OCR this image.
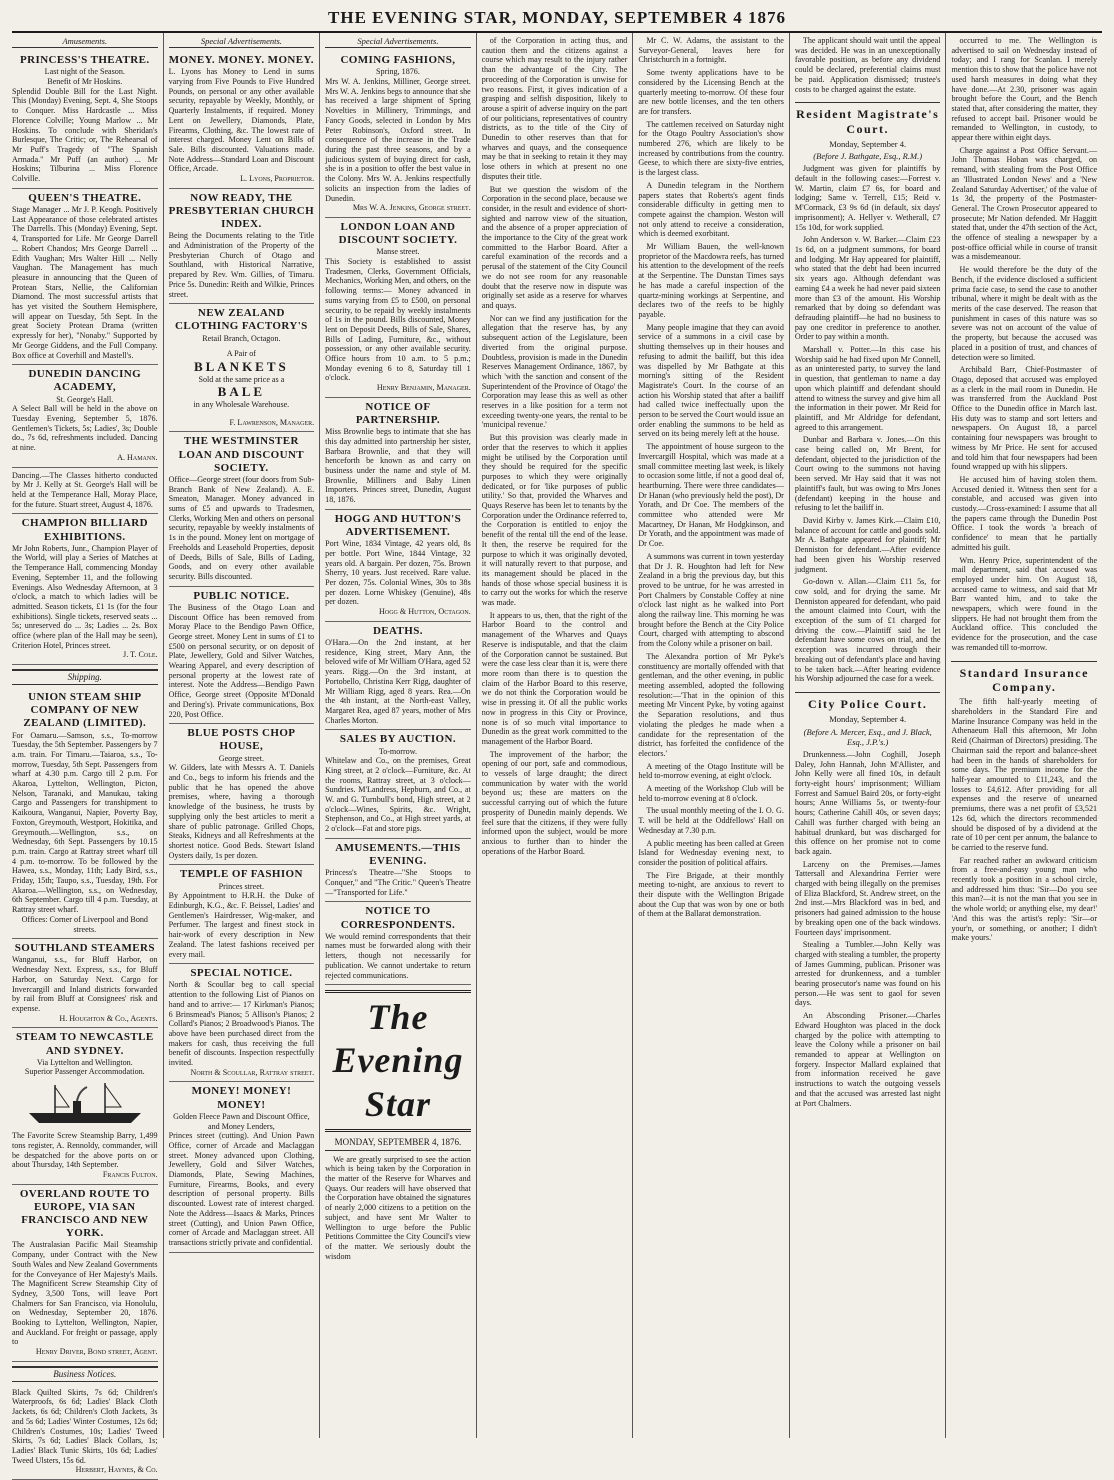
THE EVENING STAR
, MONDAY, SEPTEMBER 4 1876
Amusements.
PRINCESS'S THEATRE.
Last night of the Season.
Benefit of Mr Hoskins.
Splendid Double Bill for the Last Night. This (Monday) Evening, Sept. 4, She Stoops to Conquer. Miss Hardcastle ... Miss Florence Colville; Young Marlow ... Mr Hoskins. To conclude with Sheridan's Burlesque, The Critic; or, The Rehearsal of Mr Puff's Tragedy of "The Spanish Armada." Mr Puff (an author) ... Mr Hoskins; Tilburina ... Miss Florence Colville.
QUEEN'S THEATRE.
Stage Manager ... Mr J. P. Keogh. Positively Last Appearance of those celebrated artistes The Darrells. This (Monday) Evening, Sept. 4, Transported for Life. Mr George Darrell ... Robert Chandos; Mrs George Darrell ... Edith Vaughan; Mrs Walter Hill ... Nelly Vaughan. The Management has much pleasure in announcing that the Queen of Protean Stars, Nellie, the Californian Diamond. The most successful artists that has yet visited the Southern Hemisphere, will appear on Tuesday, 5th Sept. In the great Society Protean Drama (written expressly for her), "Nonaby." Supported by Mr George Giddens, and the Full Company. Box office at Coverhill and Mastell's.
DUNEDIN DANCING ACADEMY,
St. George's Hall.
A Select Ball will be held in the above on Tuesday Evening, September 5, 1876. Gentlemen's Tickets, 5s; Ladies', 3s; Double do., 7s 6d, refreshments included. Dancing at nine.
A. Hamann.
Dancing.—The Classes hitherto conducted by Mr J. Kelly at St. George's Hall will be held at the Temperance Hall, Moray Place, for the future. Stuart street, August 4, 1876.
CHAMPION BILLIARD EXHIBITIONS.
Mr John Roberts, Junr., Champion Player of the World, will play a Series of Matches at the Temperance Hall, commencing Monday Evening, September 11, and the following Evenings. Also Wednesday Afternoon, at 3 o'clock, a match to which ladies will be admitted. Season tickets, £1 1s (for the four exhibitions). Single tickets, reserved seats ... 5s; unreserved do ... 3s; Ladies ... 2s. Box office (where plan of the Hall may be seen), Criterion Hotel, Princes street.
J. T. Cole.
Shipping.
UNION STEAM SHIP COMPANY OF NEW ZEALAND (LIMITED).
For Oamaru.—Samson, s.s., To-morrow Tuesday, the 5th September. Passengers by 7 a.m. train. For Timaru.—Taiaroa, s.s., To-morrow, Tuesday, 5th Sept. Passengers from wharf at 4.30 p.m. Cargo till 2 p.m. For Akaroa, Lyttelton, Wellington, Picton, Nelson, Taranaki, and Manukau, taking Cargo and Passengers for transhipment to Kaikoura, Wanganui, Napier, Poverty Bay, Foxton, Greymouth, Westport, Hokitika, and Greymouth.—Wellington, s.s., on Wednesday, 6th Sept. Passengers by 10.15 p.m. train. Cargo at Rattray street wharf till 4 p.m. to-morrow. To be followed by the Hawea, s.s., Monday, 11th; Lady Bird, s.s., Friday, 15th; Taupo, s.s., Tuesday, 19th. For Akaroa.—Wellington, s.s., on Wednesday, 6th September. Cargo till 4 p.m. Tuesday, at Rattray street wharf.
Offices: Corner of Liverpool and Bond streets.
SOUTHLAND STEAMERS
Wanganui, s.s., for Bluff Harbor, on Wednesday Next. Express, s.s., for Bluff Harbor, on Saturday Next. Cargo for Invercargill and Inland districts forwarded by rail from Bluff at Consignees' risk and expense.
H. Houghton & Co., Agents.
STEAM TO NEWCASTLE AND SYDNEY.
Via Lyttelton and Wellington.
Superior Passenger Accommodation.
The Favorite Screw Steamship Barry, 1,499 tons register, A. Rennoldy, commander, will be despatched for the above ports on or about Thursday, 14th September.
Francis Fulton.
OVERLAND ROUTE TO EUROPE, VIA SAN FRANCISCO AND NEW YORK.
The Australasian Pacific Mail Steamship Company, under Contract with the New South Wales and New Zealand Governments for the Conveyance of Her Majesty's Mails. The Magnificent Screw Steamship City of Sydney, 3,500 Tons, will leave Port Chalmers for San Francisco, via Honolulu, on Wednesday, September 20, 1876. Booking to Lyttelton, Wellington, Napier, and Auckland. For freight or passage, apply to
Henry Driver, Bond street, Agent.
Business Notices.
Black Quilted Skirts, 7s 6d; Children's Waterproofs, 6s 6d; Ladies' Black Cloth Jackets, 6s 6d; Children's Cloth Jackets, 3s and 5s 6d; Ladies' Winter Costumes, 12s 6d; Children's Costumes, 10s; Ladies' Tweed Skirts, 7s 6d; Ladies' Black Collars, 1s; Ladies' Black Tunic Skirts, 10s 6d; Ladies' Tweed Ulsters, 15s 6d.
Herbert, Haynes, & Co.
Special Advertisements.
MONEY. MONEY. MONEY.
L. Lyons has Money to Lend in sums varying from Five Pounds to Five Hundred Pounds, on personal or any other available security, repayable by Weekly, Monthly, or Quarterly Instalments, if required. Money Lent on Jewellery, Diamonds, Plate, Firearms, Clothing, &c. The lowest rate of interest charged. Money Lent on Bills of Sale. Bills discounted. Valuations made. Note Address—Standard Loan and Discount Office, Arcade.
L. Lyons, Proprietor.
NOW READY, THE PRESBYTERIAN CHURCH INDEX.
Being the Documents relating to the Title and Administration of the Property of the Presbyterian Church of Otago and Southland, with Historical Narrative, prepared by Rev. Wm. Gillies, of Timaru. Price 5s. Dunedin: Reith and Wilkie, Princes street.
NEW ZEALAND CLOTHING FACTORY'S
Retail Branch, Octagon.
A Pair of
BLANKETS
Sold at the same price as a
BALE
in any Wholesale Warehouse.
F. Lawrenson, Manager.
THE WESTMINSTER LOAN AND DISCOUNT SOCIETY.
Office—George street (four doors from Sub-Branch Bank of New Zealand). A. E. Smeaton, Manager. Money advanced in sums of £5 and upwards to Tradesmen, Clerks, Working Men and others on personal security, repayable by weekly instalments of 1s in the pound. Money lent on mortgage of Freeholds and Leasehold Properties, deposit of Deeds, Bills of Sale, Bills of Lading, Goods, and on every other available security. Bills discounted.
PUBLIC NOTICE.
The Business of the Otago Loan and Discount Office has been removed from Moray Place to the Bendigo Pawn Office, George street. Money Lent in sums of £1 to £500 on personal security, or on deposit of Plate, Jewellery, Gold and Silver Watches, Wearing Apparel, and every description of personal property at the lowest rate of interest. Note the Address—Bendigo Pawn Office, George street (Opposite M'Donald and Dering's). Private communications, Box 220, Post Office.
BLUE POSTS CHOP HOUSE,
George street.
W. Gilders, late with Messrs A. T. Daniels and Co., begs to inform his friends and the public that he has opened the above premises, where, having a thorough knowledge of the business, he trusts by supplying only the best articles to merit a share of public patronage. Grilled Chops, Steaks, Kidneys and all Refreshments at the shortest notice. Good Beds. Stewart Island Oysters daily, 1s per dozen.
TEMPLE OF FASHION
Princes street.
By Appointment to H.R.H. the Duke of Edinburgh, K.G., &c. F. Beissel, Ladies' and Gentlemen's Hairdresser, Wig-maker, and Perfumer. The largest and finest stock in hair-work of every description in New Zealand. The latest fashions received per every mail.
SPECIAL NOTICE.
North & Scoullar beg to call special attention to the following List of Pianos on hand and to arrive:— 17 Kirkman's Pianos; 6 Brinsmead's Pianos; 5 Allison's Pianos; 2 Collard's Pianos; 2 Broadwood's Pianos. The above have been purchased direct from the makers for cash, thus receiving the full benefit of discounts. Inspection respectfully invited.
North & Scoullar, Rattray street.
MONEY! MONEY! MONEY!
Golden Fleece Pawn and Discount Office, and Money Lenders,
Princes street (cutting). And Union Pawn Office, corner of Arcade and Maclaggan street. Money advanced upon Clothing, Jewellery, Gold and Silver Watches, Diamonds, Plate, Sewing Machines, Furniture, Firearms, Books, and every description of personal property. Bills discounted. Lowest rate of interest charged. Note the Address—Isaacs & Marks, Princes street (Cutting), and Union Pawn Office, corner of Arcade and Maclaggan street. All transactions strictly private and confidential.
Special Advertisements.
COMING FASHIONS,
Spring, 1876.
Mrs W. A. Jenkins, Milliner, George street. Mrs W. A. Jenkins begs to announce that she has received a large shipment of Spring Novelties in Millinery, Trimmings, and Fancy Goods, selected in London by Mrs Peter Robinson's, Oxford street. In consequence of the increase in the Trade during the past three seasons, and by a judicious system of buying direct for cash, she is in a position to offer the best value in the Colony. Mrs W. A. Jenkins respectfully solicits an inspection from the ladies of Dunedin.
Mrs W. A. Jenkins, George street.
LONDON LOAN AND DISCOUNT SOCIETY.
Manse street.
This Society is established to assist Tradesmen, Clerks, Government Officials, Mechanics, Working Men, and others, on the following terms:— Money advanced in sums varying from £5 to £500, on personal security, to be repaid by weekly instalments of 1s in the pound. Bills discounted, Money lent on Deposit Deeds, Bills of Sale, Shares, Bills of Lading, Furniture, &c., without possession, or any other available security. Office hours from 10 a.m. to 5 p.m.; Monday evening 6 to 8, Saturday till 1 o'clock.
Henry Benjamin, Manager.
NOTICE OF PARTNERSHIP.
Miss Brownlie begs to intimate that she has this day admitted into partnership her sister, Barbara Brownlie, and that they will henceforth be known as and carry on business under the name and style of M. Brownlie, Milliners and Baby Linen Importers. Princes street, Dunedin, August 18, 1876.
HOGG AND HUTTON'S ADVERTISEMENT.
Port Wine, 1834 Vintage, 42 years old, 8s per bottle. Port Wine, 1844 Vintage, 32 years old. A bargain. Per dozen, 75s. Brown Sherry, 10 years. Just received. Rare value. Per dozen, 75s. Colonial Wines, 30s to 38s per dozen. Lorne Whiskey (Genuine), 48s per dozen.
Hogg & Hutton, Octagon.
DEATHS.
O'Hara.—On the 2nd instant, at her residence, King street, Mary Ann, the beloved wife of Mr William O'Hara, aged 52 years. Rigg.—On the 3rd instant, at Portobello, Christina Kerr Rigg, daughter of Mr William Rigg, aged 8 years. Rea.—On the 4th instant, at the North-east Valley, Margaret Rea, aged 87 years, mother of Mrs Charles Morton.
SALES BY AUCTION.
To-morrow.
Whitelaw and Co., on the premises, Great King street, at 2 o'clock—Furniture, &c. At the rooms, Rattray street, at 3 o'clock—Sundries. M'Landress, Hepburn, and Co., at W. and G. Turnbull's bond, High street, at 2 o'clock—Wines, Spirits, &c. Wright, Stephenson, and Co., at High street yards, at 2 o'clock—Fat and store pigs.
AMUSEMENTS.—THIS EVENING.
Princess's Theatre—"She Stoops to Conquer," and "The Critic." Queen's Theatre—"Transported for Life."
NOTICE TO CORRESPONDENTS.
We would remind correspondents that their names must be forwarded along with their letters, though not necessarily for publication. We cannot undertake to return rejected communications.
The Evening Star
MONDAY, SEPTEMBER 4, 1876.

We are greatly surprised to see the action which is being taken by the Corporation in the matter of the Reserve for Wharves and Quays. Our readers will have observed that the Corporation have obtained the signatures of nearly 2,000 citizens to a petition on the subject, and have sent Mr Walter to Wellington to urge before the Public Petitions Committee the City Council's view of the matter. We seriously doubt the wisdom

of the Corporation in acting thus, and caution them and the citizens against a course which may result to the injury rather than the advantage of the City. The proceeding of the Corporation is unwise for two reasons. First, it gives indication of a grasping and selfish disposition, likely to arouse a spirit of adverse inquiry on the part of our politicians, representatives of country districts, as to the title of the City of Dunedin to other reserves than that for wharves and quays, and the consequence may be that in seeking to retain it they may lose others in which at present no one disputes their title.

But we question the wisdom of the Corporation in the second place, because we consider, in the result and evidence of short-sighted and narrow view of the situation, and the absence of a proper appreciation of the importance to the City of the great work committed to the Harbor Board. After a careful examination of the records and a perusal of the statement of the City Council we do not see room for any reasonable doubt that the reserve now in dispute was originally set aside as a reserve for wharves and quays.

Nor can we find any justification for the allegation that the reserve has, by any subsequent action of the Legislature, been diverted from the original purpose. Doubtless, provision is made in the Dunedin Reserves Management Ordinance, 1867, by which 'with the sanction and consent of the Superintendent of the Province of Otago' the Corporation may lease this as well as other reserves in a like position for a term not exceeding twenty-one years, the rental to be 'municipal revenue.'

But this provision was clearly made in order that the reserves to which it applies might be utilised by the Corporation until they should be required for the specific purposes to which they were originally dedicated, or for 'like purposes of public utility.' So that, provided the Wharves and Quays Reserve has been let to tenants by the Corporation under the Ordinance referred to, the Corporation is entitled to enjoy the benefit of the rental till the end of the lease. It then, the reserve be required for the purpose to which it was originally devoted, it will naturally revert to that purpose, and its management should be placed in the hands of those whose special business it is to carry out the works for which the reserve was made.

It appears to us, then, that the right of the Harbor Board to the control and management of the Wharves and Quays Reserve is indisputable, and that the claim of the Corporation cannot be sustained. But were the case less clear than it is, were there more room than there is to question the claim of the Harbor Board to this reserve, we do not think the Corporation would be wise in pressing it. Of all the public works now in progress in this City or Province, none is of so much vital importance to Dunedin as the great work committed to the management of the Harbor Board.

The improvement of the harbor; the opening of our port, safe and commodious, to vessels of large draught; the direct communication by water with the world beyond us; these are matters on the successful carrying out of which the future prosperity of Dunedin mainly depends. We feel sure that the citizens, if they were fully informed upon the subject, would be more anxious to further than to hinder the operations of the Harbor Board.

Mr C. W. Adams, the assistant to the Surveyor-General, leaves here for Christchurch in a fortnight.

Some twenty applications have to be considered by the Licensing Bench at the quarterly meeting to-morrow. Of these four are new bottle licenses, and the ten others are for transfers.

The cattlemen received on Saturday night for the Otago Poultry Association's show numbered 276, which are likely to be increased by contributions from the country. Geese, to which there are sixty-five entries, is the largest class.

A Dunedin telegram in the Northern papers states that Roberts's agent finds considerable difficulty in getting men to compete against the champion. Weston will not only attend to receive a consideration, which is deemed exorbitant.

Mr William Bauen, the well-known proprietor of the Macdowra reefs, has turned his attention to the development of the reefs at the Serpentine. The Dunstan Times says he has made a careful inspection of the quartz-mining workings at Serpentine, and declares two of the reefs to be highly payable.

Many people imagine that they can avoid service of a summons in a civil case by shutting themselves up in their houses and refusing to admit the bailiff, but this idea was dispelled by Mr Bathgate at this morning's sitting of the Resident Magistrate's Court. In the course of an action his Worship stated that after a bailiff had called twice ineffectually upon the person to be served the Court would issue an order enabling the summons to be held as served on its being merely left at the house.

The appointment of house surgeon to the Invercargill Hospital, which was made at a small committee meeting last week, is likely to occasion some little, if not a good deal of, heartburning. There were three candidates—Dr Hanan (who previously held the post), Dr Yorath, and Dr Coe. The members of the committee who attended were Mr Macartney, Dr Hanan, Mr Hodgkinson, and Dr Yorath, and the appointment was made of Dr Coe.

A summons was current in town yesterday that Dr J. R. Houghton had left for New Zealand in a brig the previous day, but this proved to be untrue, for he was arrested in Port Chalmers by Constable Coffey at nine o'clock last night as he walked into Port along the railway line. This morning he was brought before the Bench at the City Police Court, charged with attempting to abscond from the Colony while a prisoner on bail.

The Alexandra portion of Mr Pyke's constituency are mortally offended with that gentleman, and the other evening, in public meeting assembled, adopted the following resolution:—'That in the opinion of this meeting Mr Vincent Pyke, by voting against the Separation resolutions, and thus violating the pledges he made when a candidate for the representation of the district, has forfeited the confidence of the electors.'

A meeting of the Otago Institute will be held to-morrow evening, at eight o'clock.

A meeting of the Workshop Club will be held to-morrow evening at 8 o'clock.

The usual monthly meeting of the I. O. G. T. will be held at the Oddfellows' Hall on Wednesday at 7.30 p.m.

A public meeting has been called at Green Island for Wednesday evening next, to consider the position of political affairs.

The Fire Brigade, at their monthly meeting to-night, are anxious to revert to their dispute with the Wellington Brigade about the Cup that was won by one or both of them at the Ballarat demonstration.

The applicant should wait until the appeal was decided. He was in an unexceptionally favorable position, as before any dividend could be declared, preferential claims must be paid. Application dismissed; trustee's costs to be charged against the estate.

Resident Magistrate's Court.
Monday, September 4.
(Before J. Bathgate, Esq., R.M.)

Judgment was given for plaintiffs by default in the following cases:—Forrest v. W. Martin, claim £7 6s, for board and lodging; Same v. Terrell, £15; Reid v. M'Cormack, £3 9s 6d (in default, six days' imprisonment); A. Hellyer v. Wetherall, £7 15s 10d, for work supplied.

John Anderson v. W. Barker.—Claim £23 1s 6d, on a judgment summons, for board and lodging. Mr Hay appeared for plaintiff, who stated that the debt had been incurred six years ago. Although defendant was earning £4 a week he had never paid sixteen more than £3 of the amount. His Worship remarked that by doing so defendant was defrauding plaintiff—he had no business to pay one creditor in preference to another. Order to pay within a month.

Marshall v. Potter.—In this case his Worship said he had fixed upon Mr Connell, as an uninterested party, to survey the land in question, that gentleman to name a day upon which plaintiff and defendant should attend to witness the survey and give him all the information in their power. Mr Reid for plaintiff, and Mr Aldridge for defendant, agreed to this arrangement.

Dunbar and Barbara v. Jones.—On this case being called on, Mr Brent, for defendant, objected to the jurisdiction of the Court owing to the summons not having been served. Mr Hay said that it was not plaintiff's fault, but was owing to Mrs Jones (defendant) keeping in the house and refusing to let the bailiff in.

David Kirby v. James Kirk.—Claim £10, balance of account for cattle and goods sold. Mr A. Bathgate appeared for plaintiff; Mr Denniston for defendant.—After evidence had been given his Worship reserved judgment.

Go-down v. Allan.—Claim £11 5s, for cow sold, and for drying the same. Mr Denniston appeared for defendant, who paid the amount claimed into Court, with the exception of the sum of £1 charged for driving the cow.—Plaintiff said he let defendant have some cows on trial, and the exception was incurred through their breaking out of defendant's place and having to be taken back.—After hearing evidence his Worship adjourned the case for a week.

City Police Court.
Monday, September 4.
(Before A. Mercer, Esq., and J. Black, Esq., J.P.'s.)

Drunkenness.—John Coghill, Joseph Daley, John Hannah, John M'Allister, and John Kelly were all fined 10s, in default forty-eight hours' imprisonment; William Forrest and Samuel Baird 20s, or forty-eight hours; Anne Williams 5s, or twenty-four hours; Catherine Cahill 40s, or seven days; Cahill was further charged with being an habitual drunkard, but was discharged for this offence on her promise not to come back again.

Larceny on the Premises.—James Tattersall and Alexandrina Ferrier were charged with being illegally on the premises of Eliza Blackford, St. Andrew street, on the 2nd inst.—Mrs Blackford was in bed, and prisoners had gained admission to the house by breaking open one of the back windows. Fourteen days' imprisonment.

Stealing a Tumbler.—John Kelly was charged with stealing a tumbler, the property of James Gumming, publican. Prisoner was arrested for drunkenness, and a tumbler bearing prosecutor's name was found on his person.—He was sent to gaol for seven days.

An Absconding Prisoner.—Charles Edward Houghton was placed in the dock charged by the police with attempting to leave the Colony while a prisoner on bail remanded to appear at Wellington on forgery. Inspector Mallard explained that from information received he gave instructions to watch the outgoing vessels and that the accused was arrested last night at Port Chalmers.

occurred to me. The Wellington is advertised to sail on Wednesday instead of today; and I rang for Scanlan. I merely mention this to show that the police have not used harsh measures in doing what they have done.—At 2.30, prisoner was again brought before the Court, and the Bench stated that, after considering the matter, they refused to accept bail. Prisoner would be remanded to Wellington, in custody, to appear there within eight days.

Charge against a Post Office Servant.—John Thomas Hoban was charged, on remand, with stealing from the Post Office an 'Illustrated London News' and a 'New Zealand Saturday Advertiser,' of the value of 1s 3d, the property of the Postmaster-General. The Crown Prosecutor appeared to prosecute; Mr Nation defended. Mr Haggitt stated that, under the 47th section of the Act, the offence of stealing a newspaper by a post-office official while in course of transit was a misdemeanour.

He would therefore be the duty of the Bench, if the evidence disclosed a sufficient prima facie case, to send the case to another tribunal, where it might be dealt with as the merits of the case deserved. The reason that punishment in cases of this nature was so severe was not on account of the value of the property, but because the accused was placed in a position of trust, and chances of detection were so limited.

Archibald Barr, Chief-Postmaster of Otago, deposed that accused was employed as a clerk in the mail room in Dunedin. He was transferred from the Auckland Post Office to the Dunedin office in March last. His duty was to stamp and sort letters and newspapers. On August 18, a parcel containing four newspapers was brought to witness by Mr Price. He sent for accused and told him that four newspapers had been found wrapped up with his slippers.

He accused him of having stolen them. Accused denied it. Witness then sent for a constable, and accused was given into custody.—Cross-examined: I assume that all the papers came through the Dunedin Post Office. I took the words 'a breach of confidence' to mean that he partially admitted his guilt.

Wm. Henry Price, superintendent of the mail department, said that accused was employed under him. On August 18, accused came to witness, and said that Mr Barr wanted him, and to take the newspapers, which were found in the slippers. He had not brought them from the Auckland office. This concluded the evidence for the prosecution, and the case was remanded till to-morrow.

Standard Insurance Company.

The fifth half-yearly meeting of shareholders in the Standard Fire and Marine Insurance Company was held in the Athenaeum Hall this afternoon, Mr John Reid (Chairman of Directors) presiding. The Chairman said the report and balance-sheet had been in the hands of shareholders for some days. The premium income for the half-year amounted to £11,243, and the losses to £4,612. After providing for all expenses and the reserve of unearned premiums, there was a net profit of £3,521 12s 6d, which the directors recommended should be disposed of by a dividend at the rate of 10 per cent per annum, the balance to be carried to the reserve fund.

Far reached rather an awkward criticism from a free-and-easy young man who recently took a position in a school circle, and addressed him thus: 'Sir—Do you see this man?—it is not the man that you see in the whole world; or anything else, my dear!' 'And this was the artist's reply: 'Sir—or your'n, or something, or another; I didn't make yours.'
